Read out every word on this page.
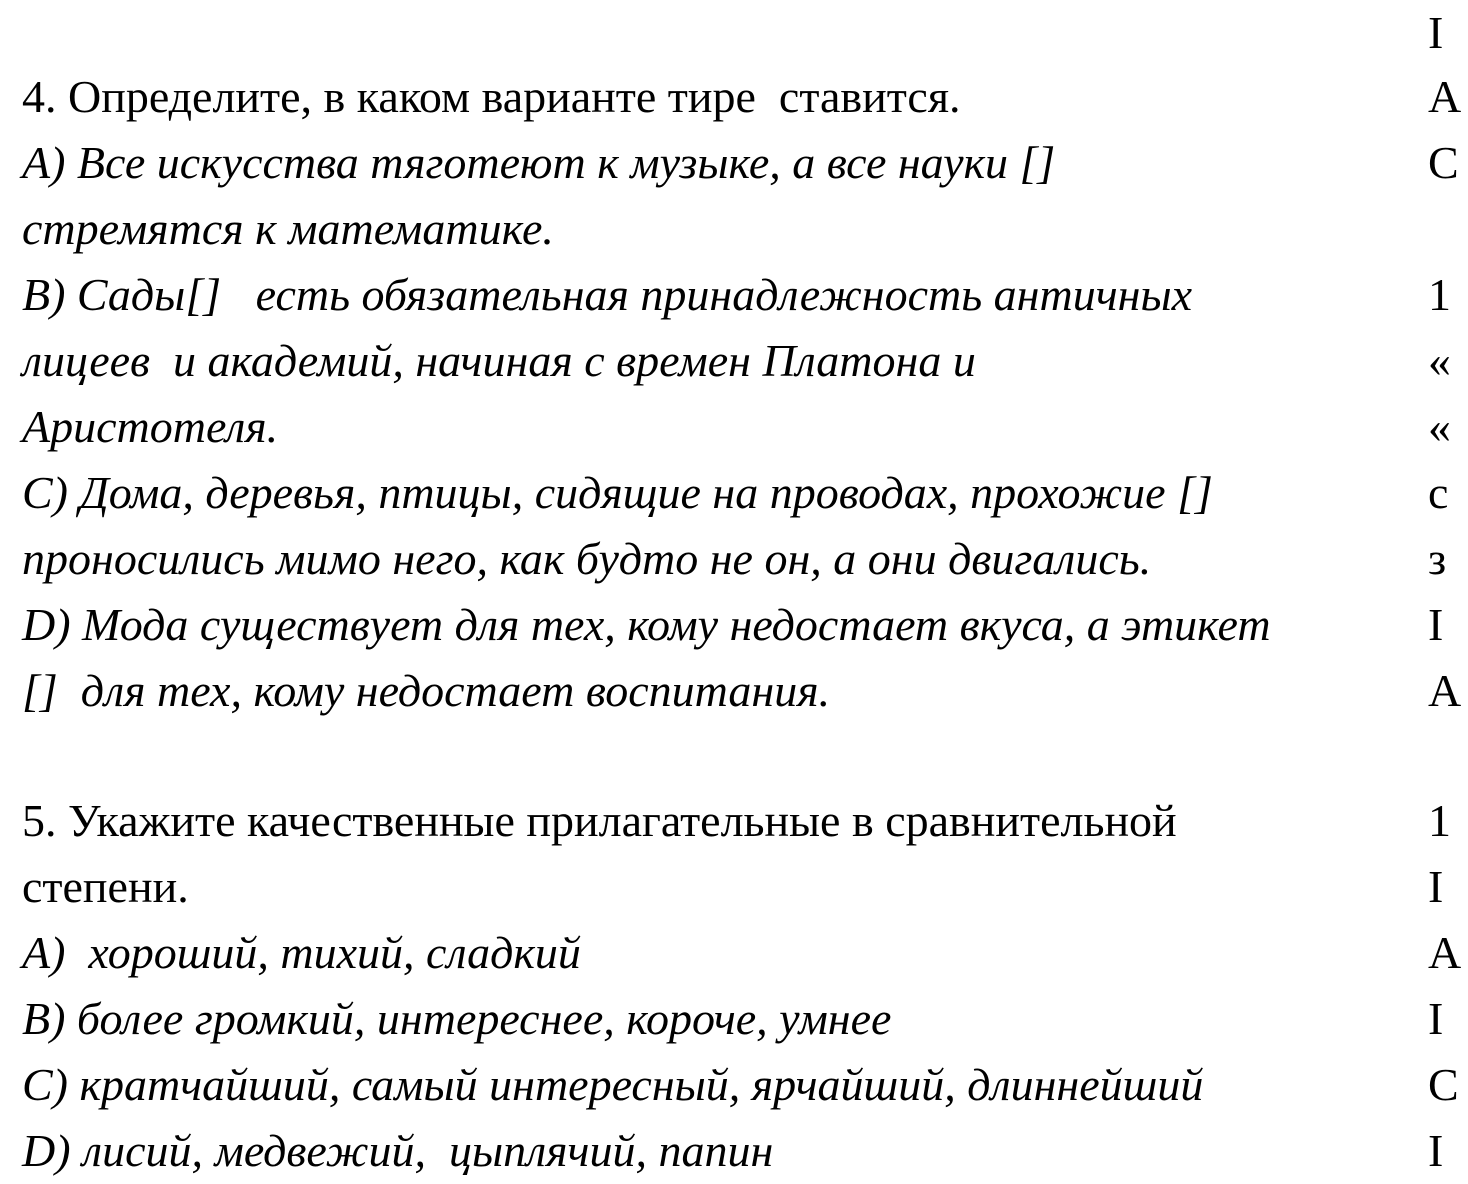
4. Определите, в каком варианте тире  ставится.
А) Все искусства тяготеют к музыке, а все науки []
стремятся к математике.
B) Сады[]   есть обязательная принадлежность античных
лицеев  и академий, начиная с времен Платона и
Аристотеля.
C) Дома, деревья, птицы, сидящие на проводах, прохожие []
проносились мимо него, как будто не он, а они двигались.
D) Мода существует для тех, кому недостает вкуса, а этикет
[]  для тех, кому недостает воспитания.
5. Укажите качественные прилагательные в сравнительной
степени.
A)  хороший, тихий, сладкий
B) более громкий, интереснее, короче, умнее
C) кратчайший, самый интересный, ярчайший, длиннейший
D) лисий, медвежий,  цыплячий, папин
I
A
C
1
«
«
c
з
I
A
1
I
A
I
C
I
